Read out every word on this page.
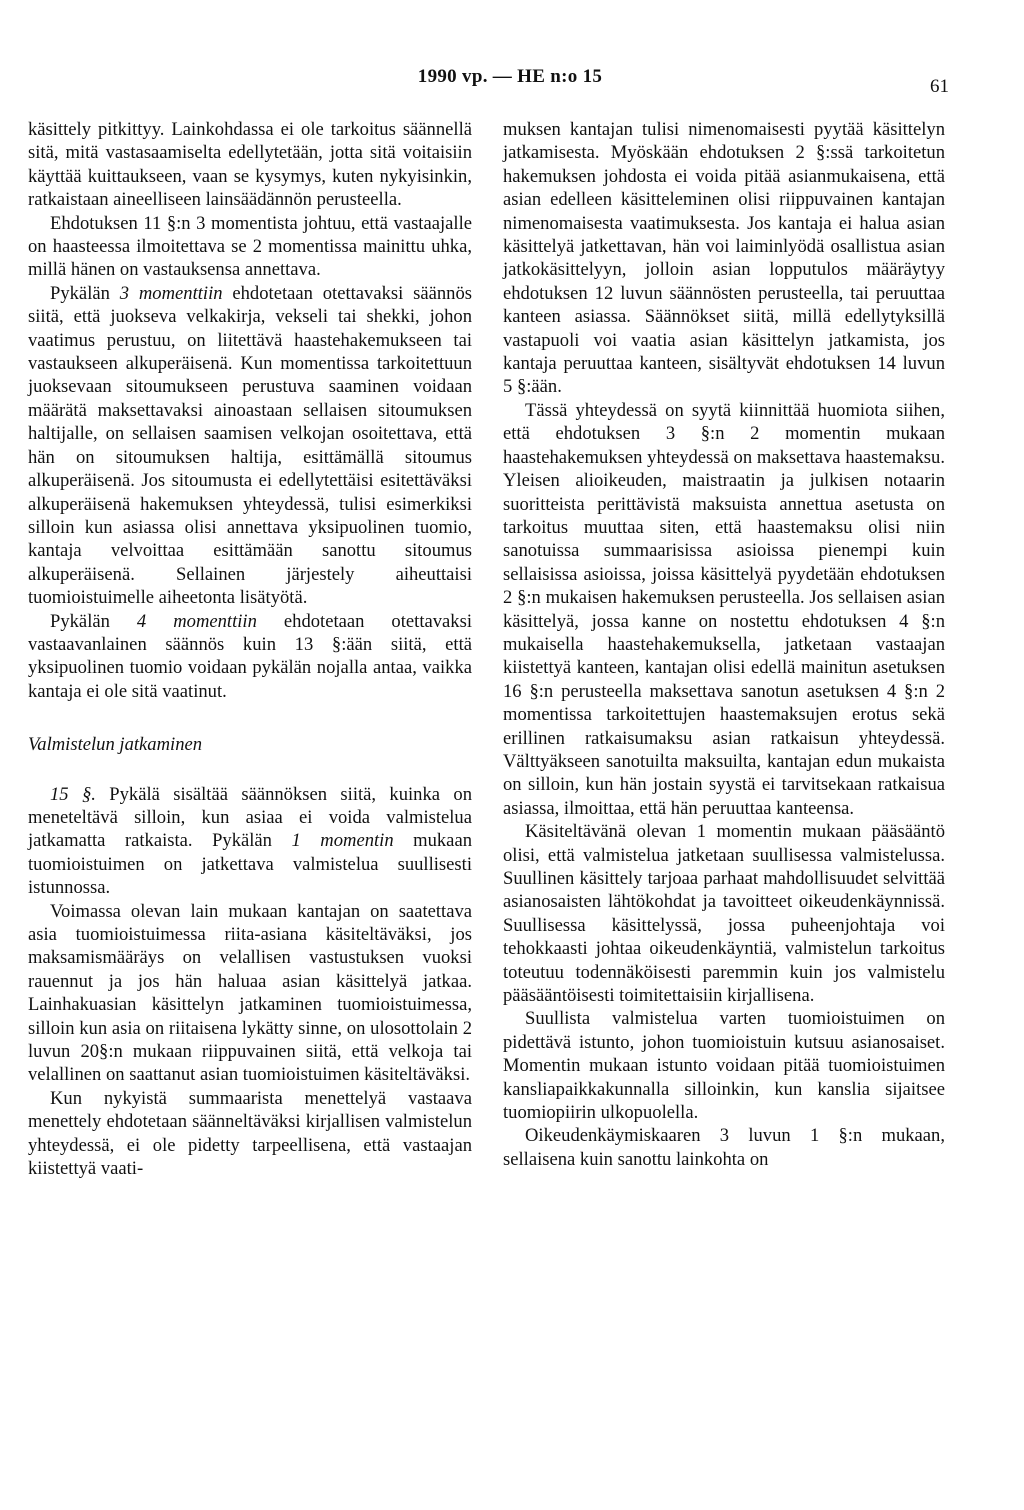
1990 vp. — HE n:o 15	61

käsittely pitkittyy. Lainkohdassa ei ole tarkoitus säännellä sitä, mitä vastasaamiselta edellytetään, jotta sitä voitaisiin käyttää kuittaukseen, vaan se kysymys, kuten nykyisinkin, ratkaistaan aineelliseen lainsäädännön perusteella.

Ehdotuksen 11 §:n 3 momentista johtuu, että vastaajalle on haasteessa ilmoitettava se 2 momentissa mainittu uhka, millä hänen on vastauksensa annettava.

Pykälän 3 momenttiin ehdotetaan otettavaksi säännös siitä, että juokseva velkakirja, vekseli tai shekki, johon vaatimus perustuu, on liitettävä haastehakemukseen tai vastaukseen alkuperäisenä. Kun momentissa tarkoitettuun juoksevaan sitoumukseen perustuva saaminen voidaan määrätä maksettavaksi ainoastaan sellaisen sitoumuksen haltijalle, on sellaisen saamisen velkojan osoitettava, että hän on sitoumuksen haltija, esittämällä sitoumus alkuperäisenä. Jos sitoumusta ei edellytettäisi esitettäväksi alkuperäisenä hakemuksen yhteydessä, tulisi esimerkiksi silloin kun asiassa olisi annettava yksipuolinen tuomio, kantaja velvoittaa esittämään sanottu sitoumus alkuperäisenä. Sellainen järjestely aiheuttaisi tuomioistuimelle aiheetonta lisätyötä.

Pykälän 4 momenttiin ehdotetaan otettavaksi vastaavanlainen säännös kuin 13 §:ään siitä, että yksipuolinen tuomio voidaan pykälän nojalla antaa, vaikka kantaja ei ole sitä vaatinut.

Valmistelun jatkaminen

15 §. Pykälä sisältää säännöksen siitä, kuinka on meneteltävä silloin, kun asiaa ei voida valmistelua jatkamatta ratkaista. Pykälän 1 momentin mukaan tuomioistuimen on jatkettava valmistelua suullisesti istunnossa.

Voimassa olevan lain mukaan kantajan on saatettava asia tuomioistuimessa riita-asiana käsiteltäväksi, jos maksamismääräys on velallisen vastustuksen vuoksi rauennut ja jos hän haluaa asian käsittelyä jatkaa. Lainhakuasian käsittelyn jatkaminen tuomioistuimessa, silloin kun asia on riitaisena lykätty sinne, on ulosottolain 2 luvun 20§:n mukaan riippuvainen siitä, että velkoja tai velallinen on saattanut asian tuomioistuimen käsiteltäväksi.

Kun nykyistä summaarista menettelyä vastaava menettely ehdotetaan säänneltäväksi kirjallisen valmistelun yhteydessä, ei ole pidetty tarpeellisena, että vastaajan kiistettyä vaati-

muksen kantajan tulisi nimenomaisesti pyytää käsittelyn jatkamisesta. Myöskään ehdotuksen 2 §:ssä tarkoitetun hakemuksen johdosta ei voida pitää asianmukaisena, että asian edelleen käsitteleminen olisi riippuvainen kantajan nimenomaisesta vaatimuksesta. Jos kantaja ei halua asian käsittelyä jatkettavan, hän voi laiminlyödä osallistua asian jatkokäsittelyyn, jolloin asian lopputulos määräytyy ehdotuksen 12 luvun säännösten perusteella, tai peruuttaa kanteen asiassa. Säännökset siitä, millä edellytyksillä vastapuoli voi vaatia asian käsittelyn jatkamista, jos kantaja peruuttaa kanteen, sisältyvät ehdotuksen 14 luvun 5 §:ään.

Tässä yhteydessä on syytä kiinnittää huomiota siihen, että ehdotuksen 3 §:n 2 momentin mukaan haastehakemuksen yhteydessä on maksettava haastemaksu. Yleisen alioikeuden, maistraatin ja julkisen notaarin suoritteista perittävistä maksuista annettua asetusta on tarkoitus muuttaa siten, että haastemaksu olisi niin sanotuissa summaarisissa asioissa pienempi kuin sellaisissa asioissa, joissa käsittelyä pyydetään ehdotuksen 2 §:n mukaisen hakemuksen perusteella. Jos sellaisen asian käsittelyä, jossa kanne on nostettu ehdotuksen 4 §:n mukaisella haastehakemuksella, jatketaan vastaajan kiistettyä kanteen, kantajan olisi edellä mainitun asetuksen 16 §:n perusteella maksettava sanotun asetuksen 4 §:n 2 momentissa tarkoitettujen haastemaksujen erotus sekä erillinen ratkaisumaksu asian ratkaisun yhteydessä. Välttyäkseen sanotuilta maksuilta, kantajan edun mukaista on silloin, kun hän jostain syystä ei tarvitsekaan ratkaisua asiassa, ilmoittaa, että hän peruuttaa kanteensa.

Käsiteltävänä olevan 1 momentin mukaan pääsääntö olisi, että valmistelua jatketaan suullisessa valmistelussa. Suullinen käsittely tarjoaa parhaat mahdollisuudet selvittää asianosaisten lähtökohdat ja tavoitteet oikeudenkäynnissä. Suullisessa käsittelyssä, jossa puheenjohtaja voi tehokkaasti johtaa oikeudenkäyntiä, valmistelun tarkoitus toteutuu todennäköisesti paremmin kuin jos valmistelu pääsääntöisesti toimitettaisiin kirjallisena.

Suullista valmistelua varten tuomioistuimen on pidettävä istunto, johon tuomioistuin kutsuu asianosaiset. Momentin mukaan istunto voidaan pitää tuomioistuimen kansliapaikkakunnalla silloinkin, kun kanslia sijaitsee tuomiopiirin ulkopuolella.

Oikeudenkäymiskaaren 3 luvun 1 §:n mukaan, sellaisena kuin sanottu lainkohta on
